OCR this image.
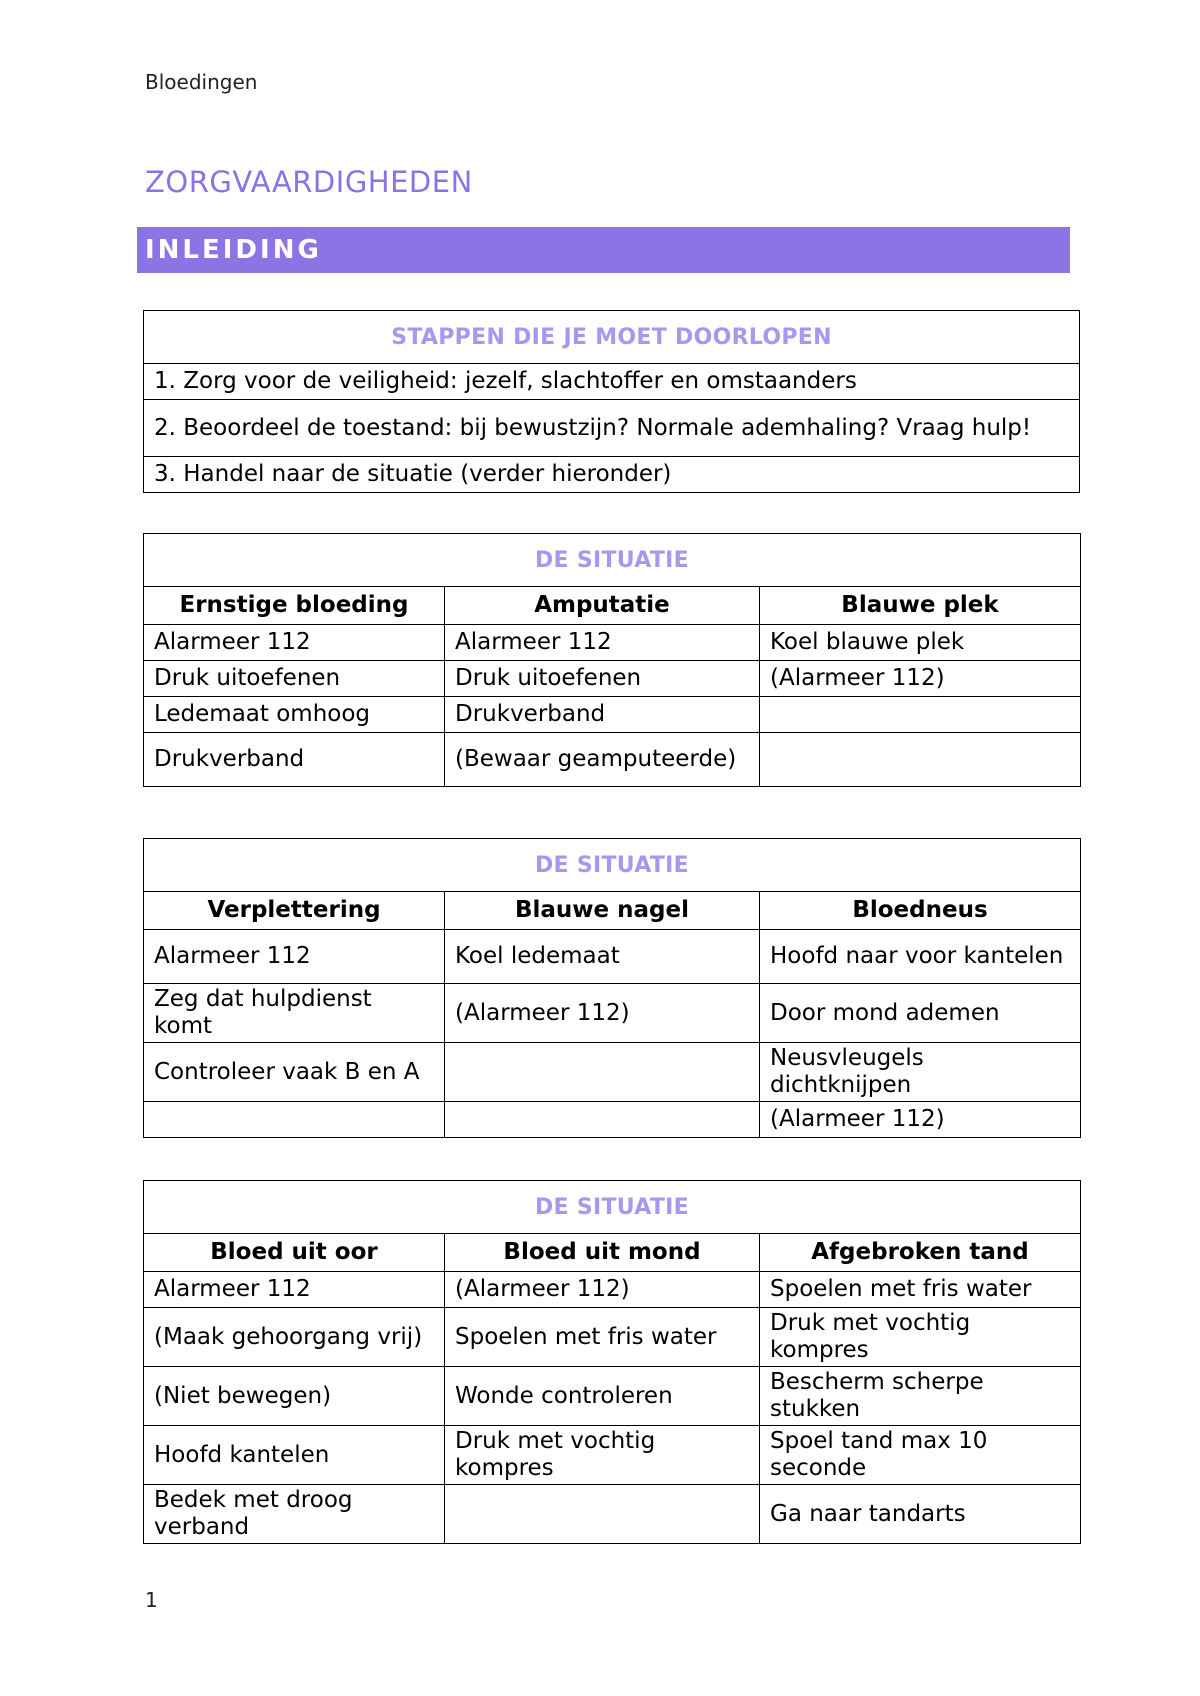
Bloedingen
ZORGVAARDIGHEDEN
INLEIDING
STAPPEN DIE JE MOET DOORLOPEN
1. Zorg voor de veiligheid: jezelf, slachtoffer en omstaanders
2. Beoordeel de toestand: bij bewustzijn? Normale ademhaling? Vraag hulp!
3. Handel naar de situatie (verder hieronder)
DE SITUATIE		
Ernstige bloeding	Amputatie	Blauwe plek
Alarmeer 112	Alarmeer 112	Koel blauwe plek
Druk uitoefenen	Druk uitoefenen	(Alarmeer 112)
Ledemaat omhoog	Drukverband	
Drukverband	(Bewaar geamputeerde)	
DE SITUATIE		
Verplettering	Blauwe nagel	Bloedneus
Alarmeer 112	Koel ledemaat	Hoofd naar voor kantelen
Zeg dat hulpdienst komt	(Alarmeer 112)	Door mond ademen
Controleer vaak B en A		Neusvleugels dichtknijpen
		(Alarmeer 112)
DE SITUATIE		
Bloed uit oor	Bloed uit mond	Afgebroken tand
Alarmeer 112	(Alarmeer 112)	Spoelen met fris water
(Maak gehoorgang vrij)	Spoelen met fris water	Druk met vochtig kompres
(Niet bewegen)	Wonde controleren	Bescherm scherpe stukken
Hoofd kantelen	Druk met vochtig kompres	Spoel tand max 10 seconde
Bedek met droog verband		Ga naar tandarts
1
